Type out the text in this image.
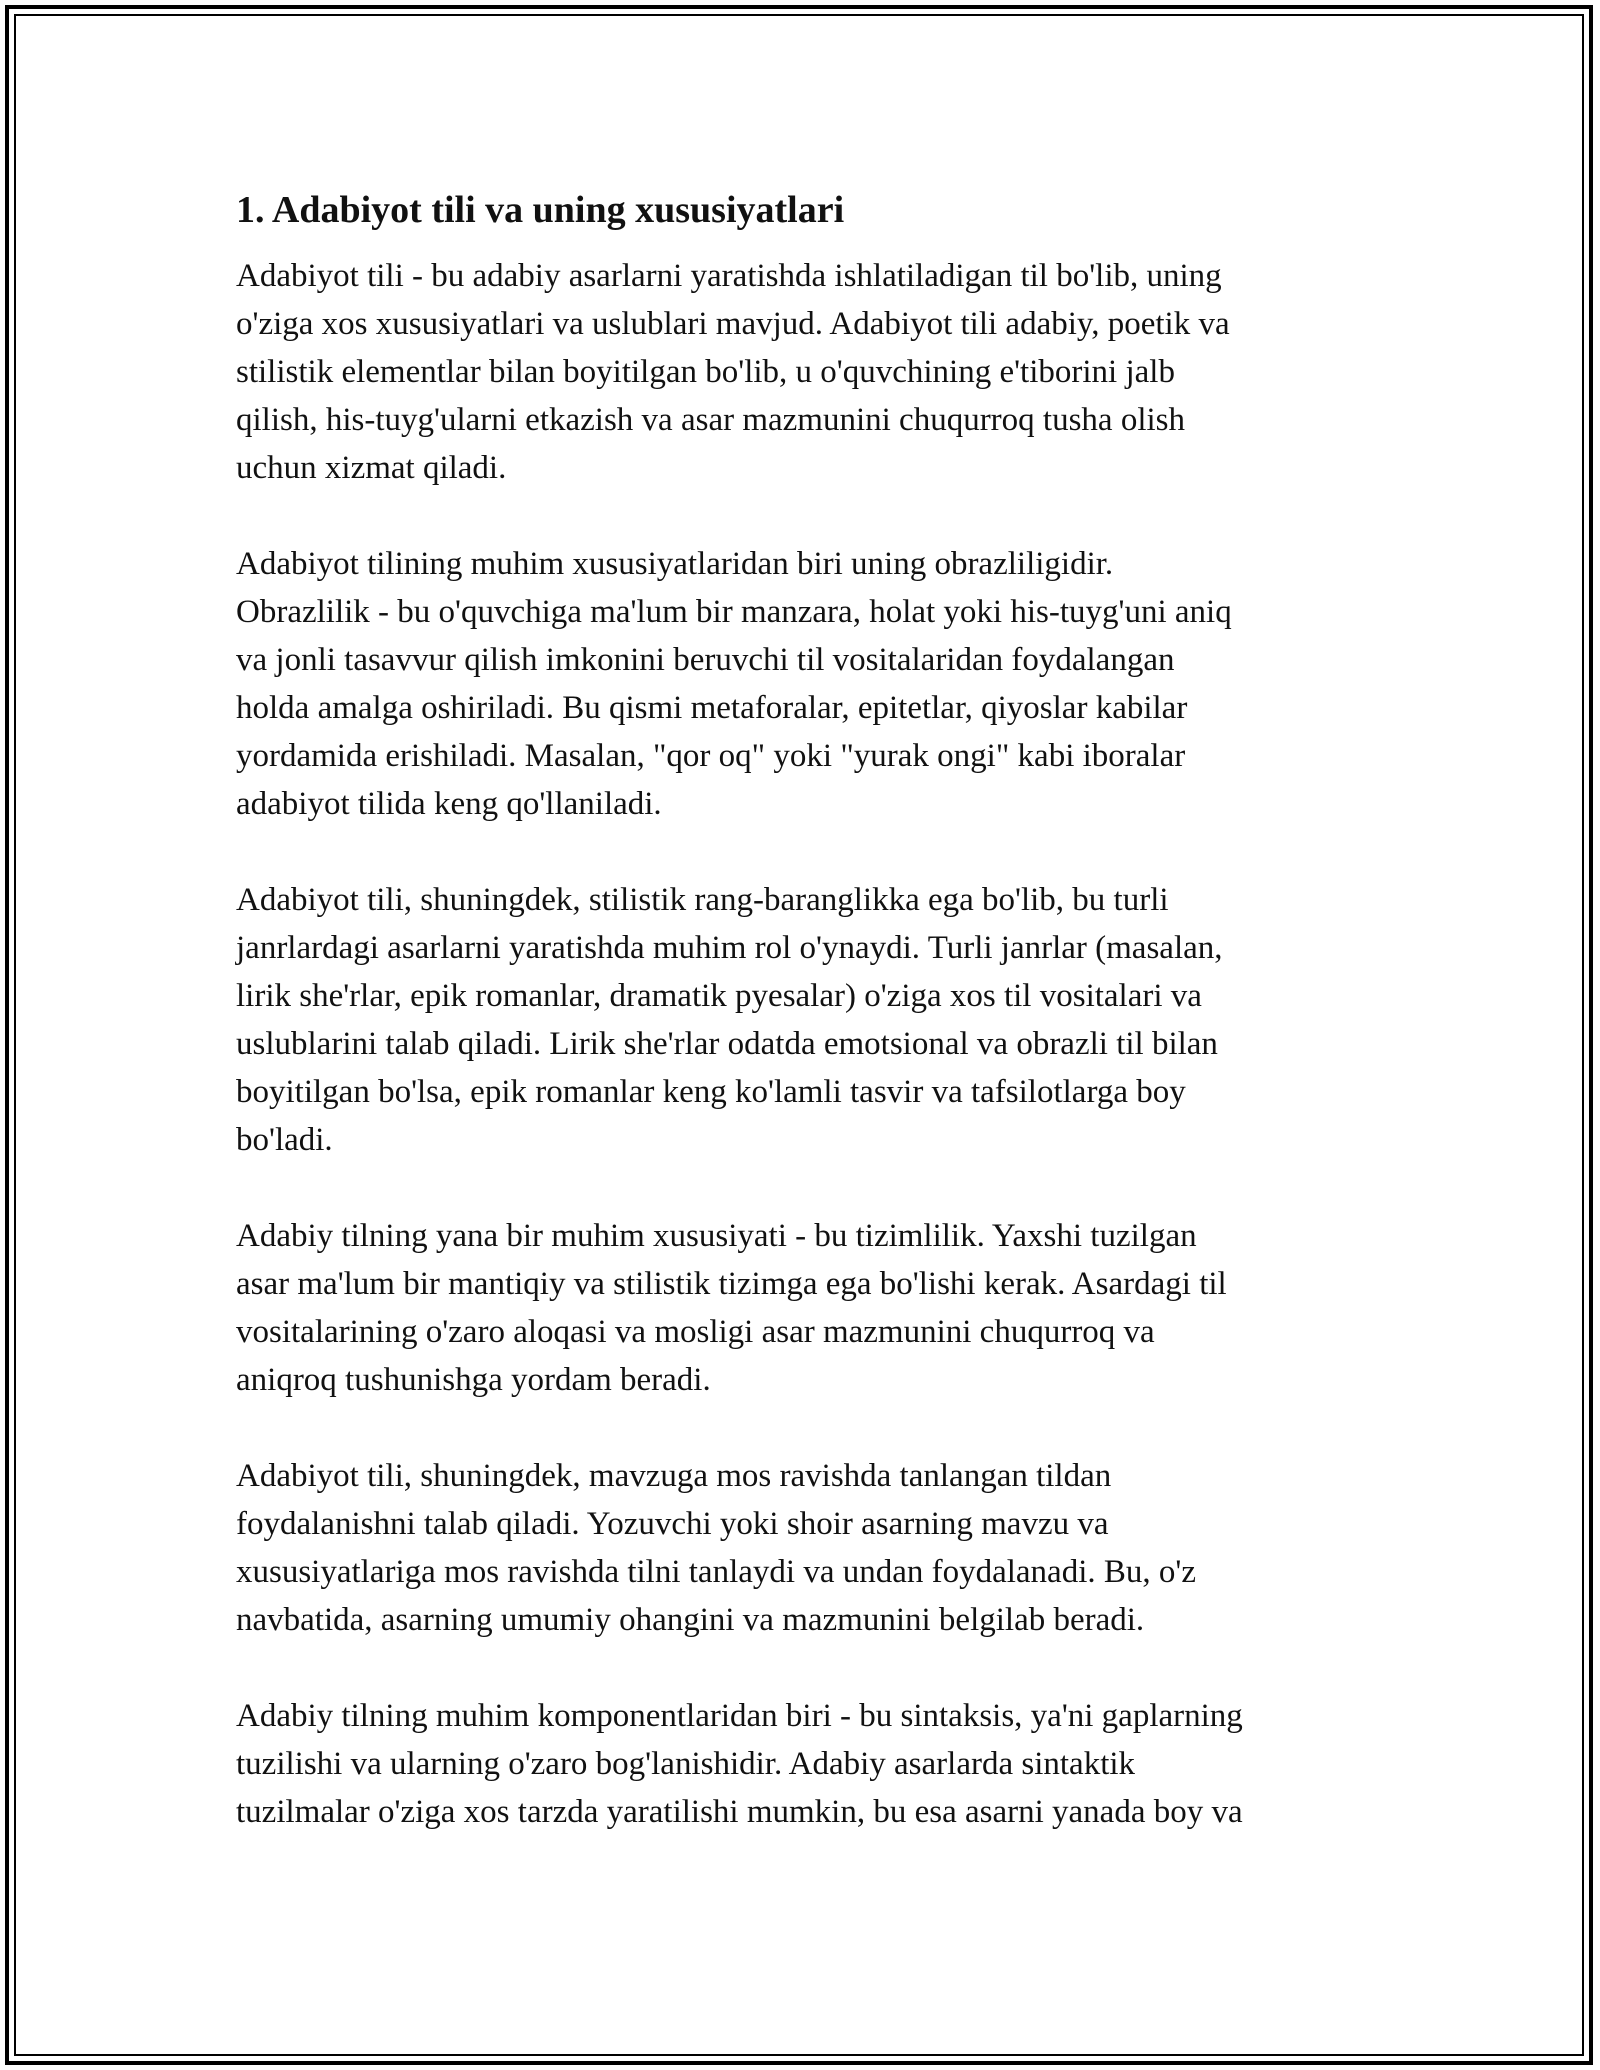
1. Adabiyot tili va uning xususiyatlari

Adabiyot tili - bu adabiy asarlarni yaratishda ishlatiladigan til bo'lib, uning
o'ziga xos xususiyatlari va uslublari mavjud. Adabiyot tili adabiy, poetik va
stilistik elementlar bilan boyitilgan bo'lib, u o'quvchining e'tiborini jalb
qilish, his-tuyg'ularni etkazish va asar mazmunini chuqurroq tusha olish
uchun xizmat qiladi.

Adabiyot tilining muhim xususiyatlaridan biri uning obrazliligidir.
Obrazlilik - bu o'quvchiga ma'lum bir manzara, holat yoki his-tuyg'uni aniq
va jonli tasavvur qilish imkonini beruvchi til vositalaridan foydalangan
holda amalga oshiriladi. Bu qismi metaforalar, epitetlar, qiyoslar kabilar
yordamida erishiladi. Masalan, "qor oq" yoki "yurak ongi" kabi iboralar
adabiyot tilida keng qo'llaniladi.

Adabiyot tili, shuningdek, stilistik rang-baranglikka ega bo'lib, bu turli
janrlardagi asarlarni yaratishda muhim rol o'ynaydi. Turli janrlar (masalan,
lirik she'rlar, epik romanlar, dramatik pyesalar) o'ziga xos til vositalari va
uslublarini talab qiladi. Lirik she'rlar odatda emotsional va obrazli til bilan
boyitilgan bo'lsa, epik romanlar keng ko'lamli tasvir va tafsilotlarga boy
bo'ladi.

Adabiy tilning yana bir muhim xususiyati - bu tizimlilik. Yaxshi tuzilgan
asar ma'lum bir mantiqiy va stilistik tizimga ega bo'lishi kerak. Asardagi til
vositalarining o'zaro aloqasi va mosligi asar mazmunini chuqurroq va
aniqroq tushunishga yordam beradi.

Adabiyot tili, shuningdek, mavzuga mos ravishda tanlangan tildan
foydalanishni talab qiladi. Yozuvchi yoki shoir asarning mavzu va
xususiyatlariga mos ravishda tilni tanlaydi va undan foydalanadi. Bu, o'z
navbatida, asarning umumiy ohangini va mazmunini belgilab beradi.

Adabiy tilning muhim komponentlaridan biri - bu sintaksis, ya'ni gaplarning
tuzilishi va ularning o'zaro bog'lanishidir. Adabiy asarlarda sintaktik
tuzilmalar o'ziga xos tarzda yaratilishi mumkin, bu esa asarni yanada boy va
